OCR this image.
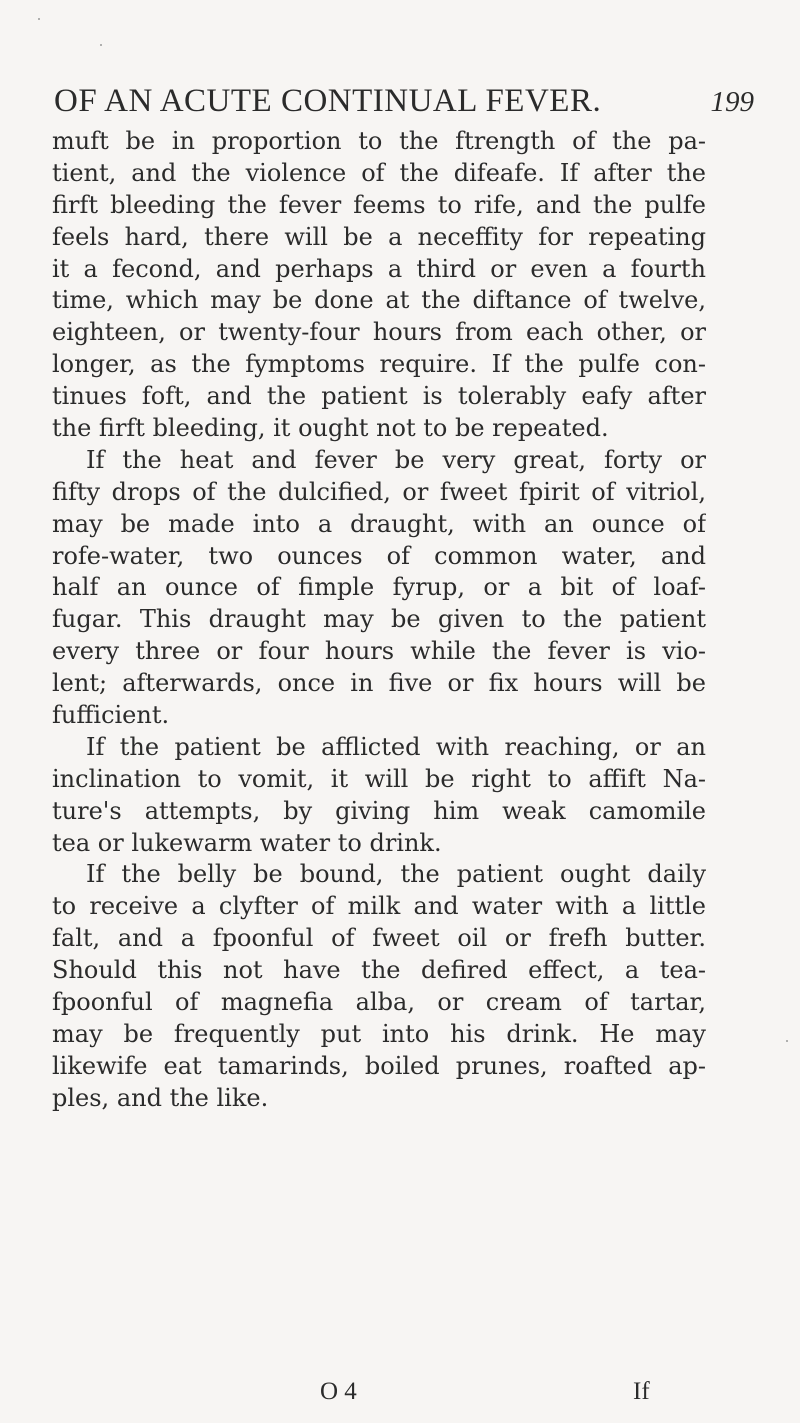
OF AN ACUTE CONTINUAL FEVER.	199
muft be in proportion to the ftrength of the pa-
tient, and the violence of the difeafe. If after the
firft bleeding the fever feems to rife, and the pulfe
feels hard, there will be a neceffity for repeating
it a fecond, and perhaps a third or even a fourth
time, which may be done at the diftance of twelve,
eighteen, or twenty-four hours from each other, or
longer, as the fymptoms require. If the pulfe con-
tinues foft, and the patient is tolerably eafy after
the firft bleeding, it ought not to be repeated.
If the heat and fever be very great, forty or
fifty drops of the dulcified, or fweet fpirit of vitriol,
may be made into a draught, with an ounce of
rofe-water, two ounces of common water, and
half an ounce of fimple fyrup, or a bit of loaf-
fugar. This draught may be given to the patient
every three or four hours while the fever is vio-
lent; afterwards, once in five or fix hours will be
fufficient.
If the patient be afflicted with reaching, or an
inclination to vomit, it will be right to affift Na-
ture's attempts, by giving him weak camomile
tea or lukewarm water to drink.
If the belly be bound, the patient ought daily
to receive a clyfter of milk and water with a little
falt, and a fpoonful of fweet oil or frefh butter.
Should this not have the defired effect, a tea-
fpoonful of magnefia alba, or cream of tartar,
may be frequently put into his drink. He may
likewife eat tamarinds, boiled prunes, roafted ap-
ples, and the like.
O 4	If
